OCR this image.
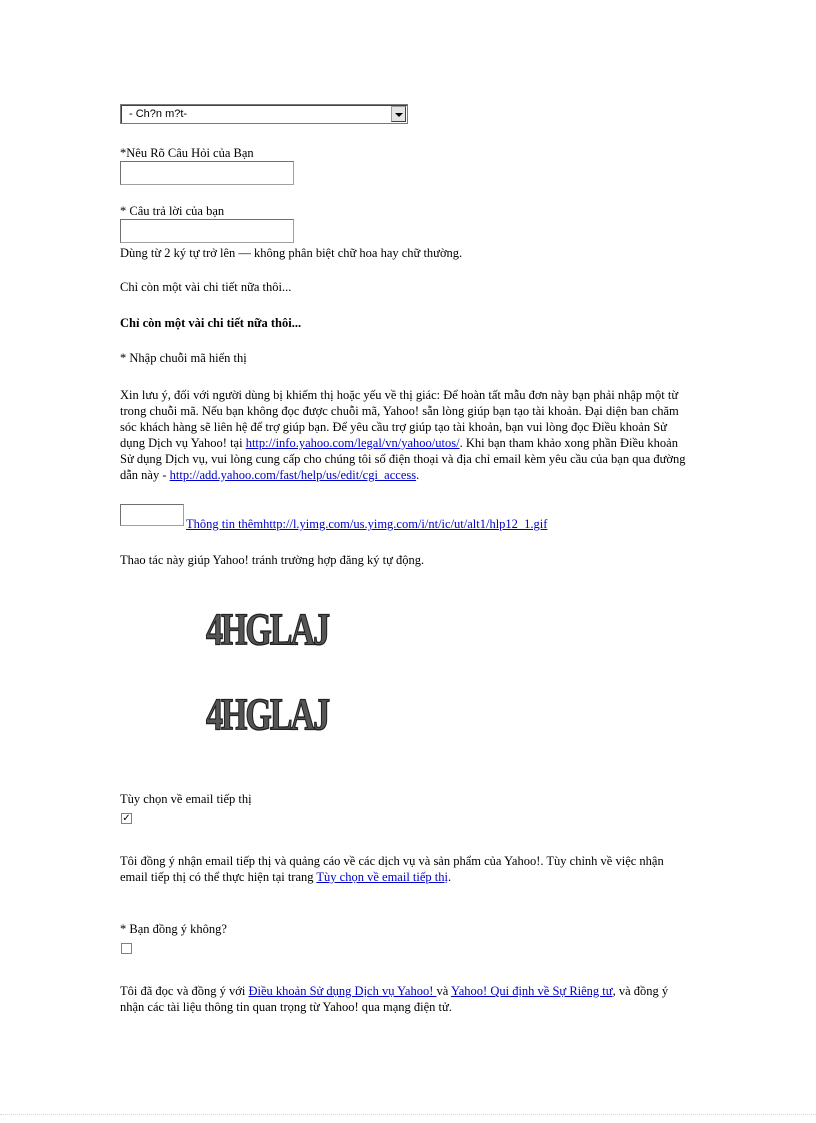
- Ch?n m?t-
*Nêu Rõ Câu Hỏi của Bạn
* Câu trả lời của bạn
Dùng từ 2 ký tự trở lên — không phân biệt chữ hoa hay chữ thường.
Chỉ còn một vài chi tiết nữa thôi...
Chỉ còn một vài chi tiết nữa thôi...
* Nhập chuỗi mã hiển thị
Xin lưu ý, đối với người dùng bị khiếm thị hoặc yếu về thị giác: Để hoàn tất mẫu đơn này bạn phải nhập một từ trong chuỗi mã. Nếu bạn không đọc được chuỗi mã, Yahoo! sẵn lòng giúp bạn tạo tài khoản. Đại diện ban chăm sóc khách hàng sẽ liên hệ để trợ giúp bạn. Để yêu cầu trợ giúp tạo tài khoản, bạn vui lòng đọc Điều khoản Sử dụng Dịch vụ Yahoo! tại http://info.yahoo.com/legal/vn/yahoo/utos/. Khi bạn tham khảo xong phần Điều khoản Sử dụng Dịch vụ, vui lòng cung cấp cho chúng tôi số điện thoại và địa chỉ email kèm yêu cầu của bạn qua đường dẫn này - http://add.yahoo.com/fast/help/us/edit/cgi_access.
Thông tin thêmhttp://l.yimg.com/us.yimg.com/i/nt/ic/ut/alt1/hlp12_1.gif
Thao tác này giúp Yahoo! tránh trường hợp đăng ký tự động.
4HGLAJ
4HGLAJ
Tùy chọn về email tiếp thị
✓
Tôi đồng ý nhận email tiếp thị và quảng cáo về các dịch vụ và sản phẩm của Yahoo!. Tùy chỉnh về việc nhận email tiếp thị có thể thực hiện tại trang Tùy chọn về email tiếp thị.
* Bạn đồng ý không?
Tôi đã đọc và đồng ý với Điều khoản Sử dụng Dịch vụ Yahoo! và Yahoo! Qui định về Sự Riêng tư, và đồng ý nhận các tài liệu thông tin quan trọng từ Yahoo! qua mạng điện tử.
